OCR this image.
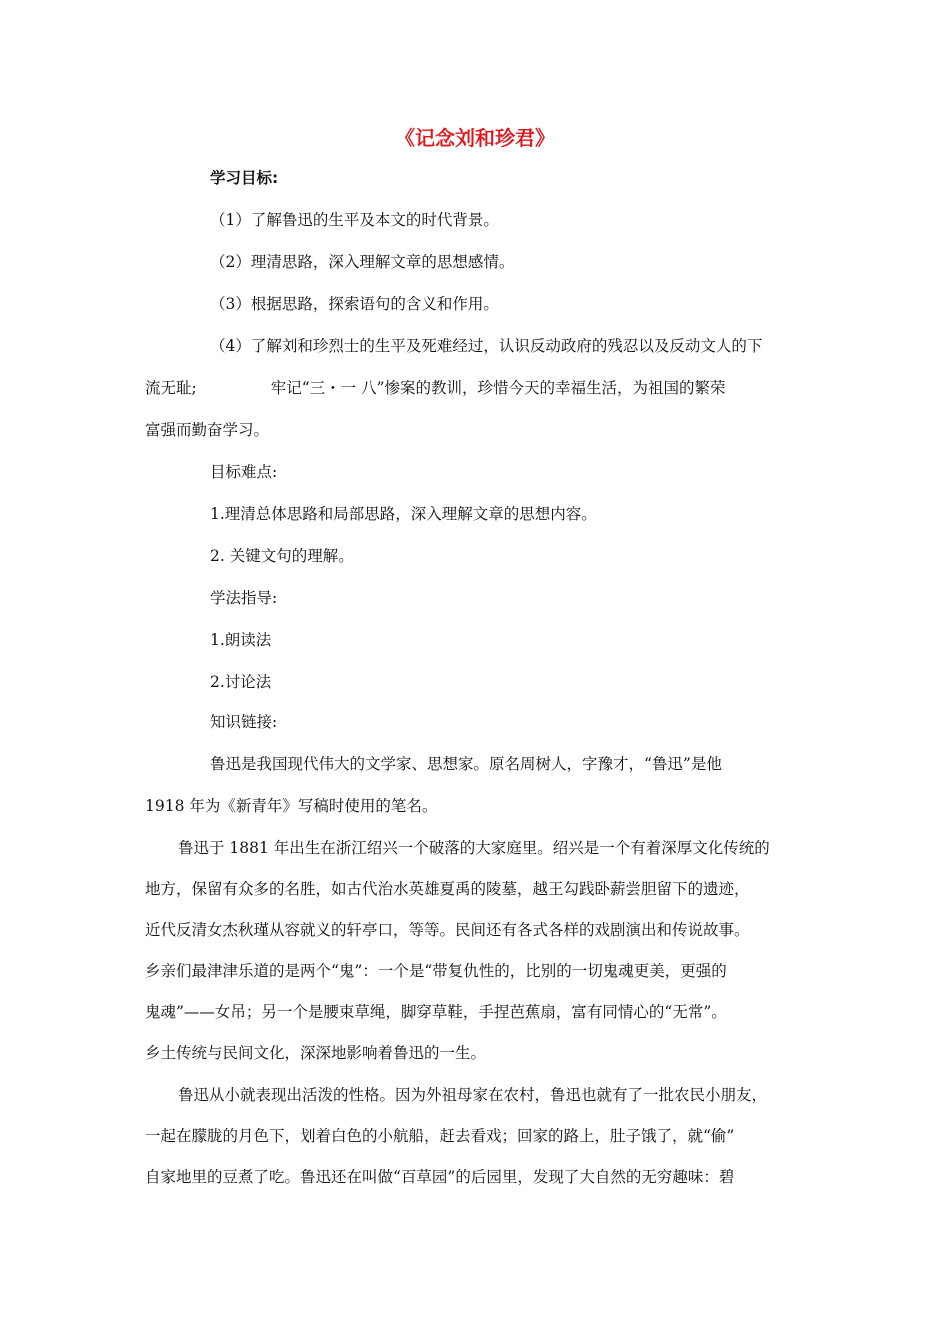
《记念刘和珍君》
学习目标:
（1）了解鲁迅的生平及本文的时代背景。
（2）理清思路，深入理解文章的思想感情。
（3）根据思路，探索语句的含义和作用。
（4）了解刘和珍烈士的生平及死难经过，认识反动政府的残忍以及反动文人的下
流无耻;	牢记“三・一 八”惨案的教训，珍惜今天的幸福生活，为祖国的繁荣
富强而勤奋学习。
目标难点:
1.理清总体思路和局部思路，深入理解文章的思想内容。
2. 关键文句的理解。
学法指导:
1.朗读法
2.讨论法
知识链接:
鲁迅是我国现代伟大的文学家、思想家。原名周树人，字豫才，“鲁迅”是他
1918 年为《新青年》写稿时使用的笔名。
鲁迅于 1881 年出生在浙江绍兴一个破落的大家庭里。绍兴是一个有着深厚文化传统的
地方，保留有众多的名胜，如古代治水英雄夏禹的陵墓，越王勾践卧薪尝胆留下的遗迹，
近代反清女杰秋瑾从容就义的轩亭口，等等。民间还有各式各样的戏剧演出和传说故事。
乡亲们最津津乐道的是两个“鬼”：一个是“带复仇性的，比别的一切鬼魂更美，更强的
鬼魂”——女吊；另一个是腰束草绳，脚穿草鞋，手捏芭蕉扇，富有同情心的“无常”。
乡土传统与民间文化，深深地影响着鲁迅的一生。
鲁迅从小就表现出活泼的性格。因为外祖母家在农村，鲁迅也就有了一批农民小朋友，
一起在朦胧的月色下，划着白色的小航船，赶去看戏；回家的路上，肚子饿了，就“偷”
自家地里的豆煮了吃。鲁迅还在叫做“百草园”的后园里，发现了大自然的无穷趣味：碧
